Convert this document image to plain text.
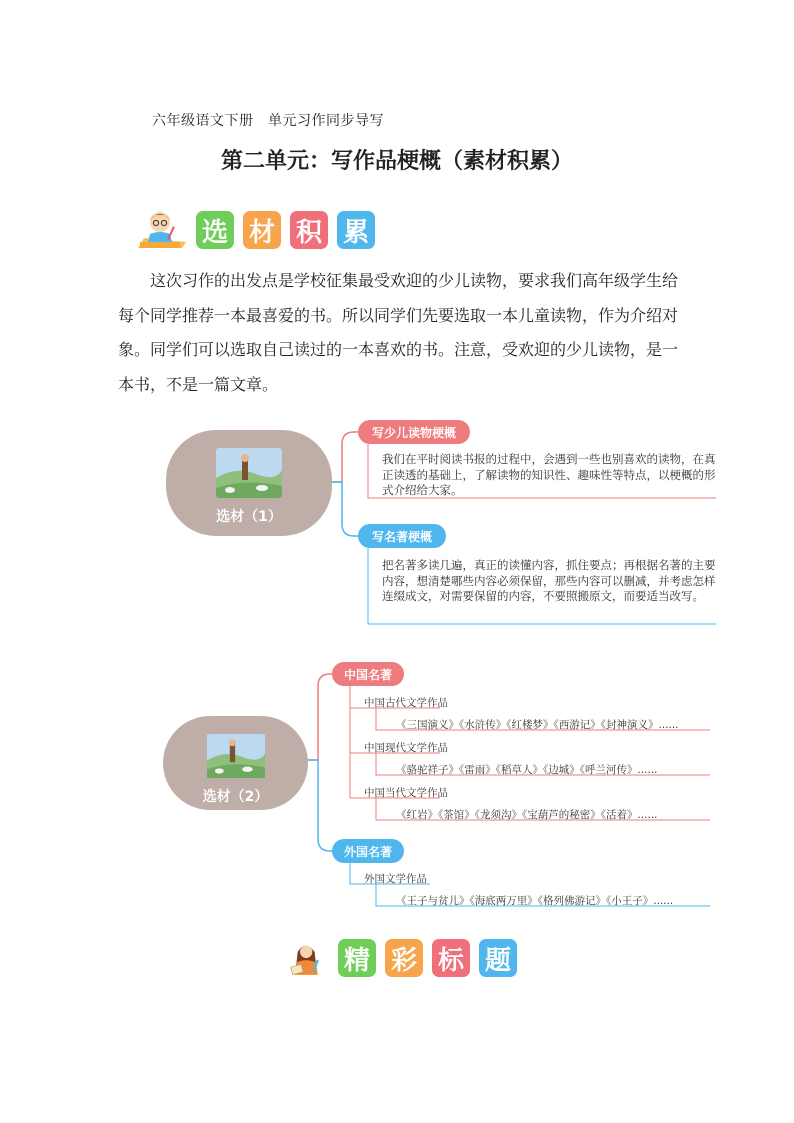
六年级语文下册　单元习作同步导写
第二单元：写作品梗概（素材积累）
选 材 积 累
这次习作的出发点是学校征集最受欢迎的少儿读物，要求我们高年级学生给每个同学推荐一本最喜爱的书。所以同学们先要选取一本儿童读物，作为介绍对象。同学们可以选取自己读过的一本喜欢的书。注意，受欢迎的少儿读物，是一本书，不是一篇文章。
选材（1）
写少儿读物梗概
我们在平时阅读书报的过程中，会遇到一些也别喜欢的读物，在真正读透的基础上，了解读物的知识性、趣味性等特点，以梗概的形式介绍给大家。
写名著梗概
把名著多读几遍，真正的读懂内容，抓住要点；再根据名著的主要内容，想清楚哪些内容必须保留，那些内容可以删减，并考虑怎样连缀成文，对需要保留的内容，不要照搬原文，而要适当改写。
选材（2）
中国名著
中国古代文学作品
《三国演义》《水浒传》《红楼梦》《西游记》《封神演义》......
中国现代文学作品
《骆驼祥子》《雷雨》《稻草人》《边城》《呼兰河传》......
中国当代文学作品
《红岩》《茶馆》《龙须沟》《宝葫芦的秘密》《活着》......
外国名著
外国文学作品
《王子与贫儿》《海底两万里》《格列佛游记》《小王子》......
精 彩 标 题
